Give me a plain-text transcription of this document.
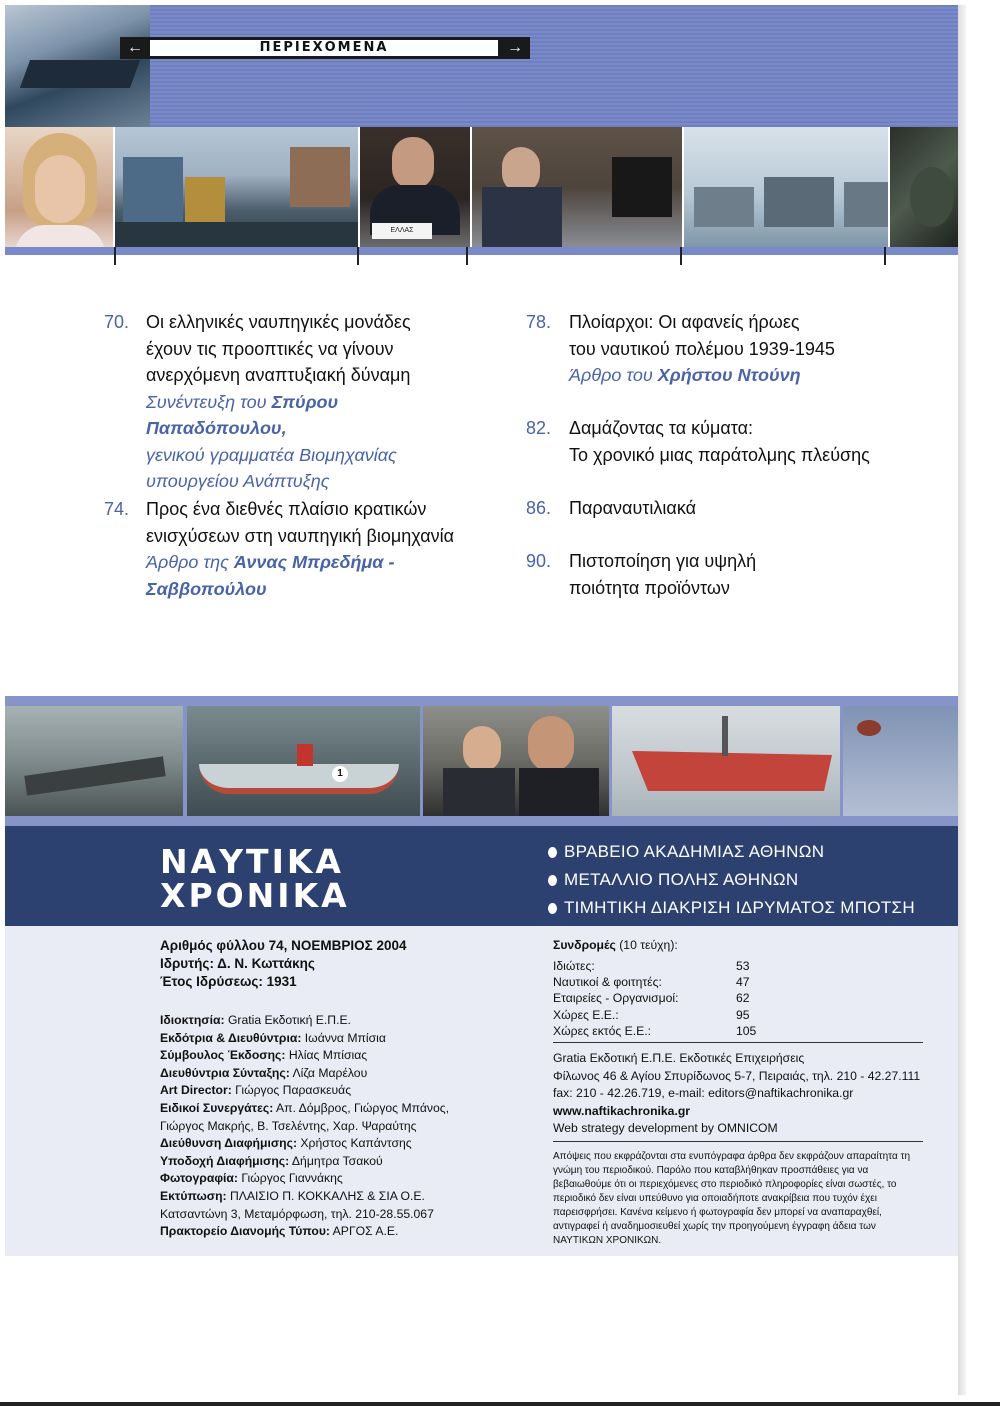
←	ΠΕΡΙΕΧΟΜΕΝΑ	→
ΕΛΛΑΣ
70. Οι ελληνικές ναυπηγικές μονάδες
έχουν τις προοπτικές να γίνουν
ανερχόμενη αναπτυξιακή δύναμη
Συνέντευξη του Σπύρου Παπαδόπουλου,
γενικού γραμματέα Βιομηχανίας
υπουργείου Ανάπτυξης
74. Προς ένα διεθνές πλαίσιο κρατικών
ενισχύσεων στη ναυπηγική βιομηχανία
Άρθρο της Άννας Μπρεδήμα -
Σαββοπούλου
78. Πλοίαρχοι: Οι αφανείς ήρωες
του ναυτικού πολέμου 1939-1945
Άρθρο του Χρήστου Ντούνη
82. Δαμάζοντας τα κύματα:
Το χρονικό μιας παράτολμης πλεύσης
86. Παραναυτιλιακά
90. Πιστοποίηση για υψηλή
ποιότητα προϊόντων
1
ΝΑΥΤΙΚΑ
ΧΡΟΝΙΚΑ
ΒΡΑΒΕΙΟ ΑΚΑΔΗΜΙΑΣ ΑΘΗΝΩΝ
ΜΕΤΑΛΛΙΟ ΠΟΛΗΣ ΑΘΗΝΩΝ
ΤΙΜΗΤΙΚΗ ΔΙΑΚΡΙΣΗ ΙΔΡΥΜΑΤΟΣ ΜΠΟΤΣΗ
Αριθμός φύλλου 74, ΝΟΕΜΒΡΙΟΣ 2004
Ιδρυτής: Δ. Ν. Κωττάκης
Έτος Ιδρύσεως: 1931
Ιδιοκτησία: Gratia Εκδοτική Ε.Π.Ε.
Εκδότρια & Διευθύντρια: Ιωάννα Μπίσια
Σύμβουλος Έκδοσης: Ηλίας Μπίσιας
Διευθύντρια Σύνταξης: Λίζα Μαρέλου
Art Director: Γιώργος Παρασκευάς
Ειδικοί Συνεργάτες: Απ. Δόμβρος, Γιώργος Μπάνος,
Γιώργος Μακρής, Β. Τσελέντης, Χαρ. Ψαραύτης
Διεύθυνση Διαφήμισης: Χρήστος Καπάντσης
Υποδοχή Διαφήμισης: Δήμητρα Τσακού
Φωτογραφία: Γιώργος Γιαννάκης
Εκτύπωση: ΠΛΑΙΣΙΟ Π. ΚΟΚΚΑΛΗΣ & ΣΙΑ Ο.Ε.
Κατσαντώνη 3, Μεταμόρφωση, τηλ. 210-28.55.067
Πρακτορείο Διανομής Τύπου: ΑΡΓΟΣ Α.Ε.
Συνδρομές (10 τεύχη):
Ιδιώτες:	53
Ναυτικοί & φοιτητές:	47
Εταιρείες - Οργανισμοί:	62
Χώρες Ε.Ε.:	95
Χώρες εκτός Ε.Ε.:	105
Gratia Εκδοτική Ε.Π.Ε. Εκδοτικές Επιχειρήσεις
Φίλωνος 46 & Αγίου Σπυρίδωνος 5-7, Πειραιάς, τηλ. 210 - 42.27.111
fax: 210 - 42.26.719, e-mail: editors@naftikachronika.gr
www.naftikachronika.gr
Web strategy development by OMNICOM
Απόψεις που εκφράζονται στα ενυπόγραφα άρθρα δεν εκφράζουν απαραίτητα τη γνώμη του περιοδικού. Παρόλο που καταβλήθηκαν προσπάθειες για να βεβαιωθούμε ότι οι περιεχόμενες στο περιοδικό πληροφορίες είναι σωστές, το περιοδικό δεν είναι υπεύθυνο για οποιαδήποτε ανακρίβεια που τυχόν έχει παρεισφρήσει. Κανένα κείμενο ή φωτογραφία δεν μπορεί να αναπαραχθεί, αντιγραφεί ή αναδημοσιευθεί χωρίς την προηγούμενη έγγραφη άδεια των ΝΑΥΤΙΚΩΝ ΧΡΟΝΙΚΩΝ.
